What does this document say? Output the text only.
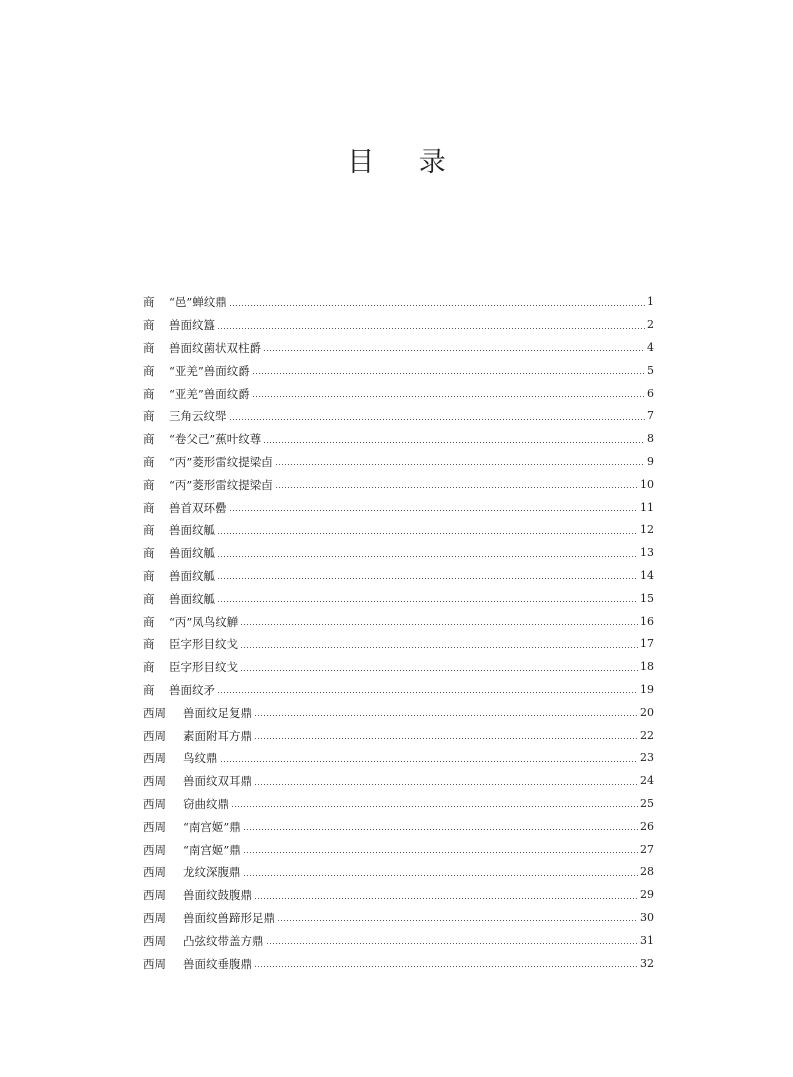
目 录
商	“邑”蝉纹鼎	1
商	兽面纹簋	2
商	兽面纹菌状双柱爵	4
商	“亚羌”兽面纹爵	5
商	“亚羌”兽面纹爵	6
商	三角云纹斝	7
商	“卷父己”蕉叶纹尊	8
商	“丙”菱形雷纹提梁卣	9
商	“丙”菱形雷纹提梁卣	10
商	兽首双环罍	11
商	兽面纹觚	12
商	兽面纹觚	13
商	兽面纹觚	14
商	兽面纹觚	15
商	“丙”凤鸟纹觯	16
商	臣字形目纹戈	17
商	臣字形目纹戈	18
商	兽面纹矛	19
西周	兽面纹足复鼎	20
西周	素面附耳方鼎	22
西周	鸟纹鼎	23
西周	兽面纹双耳鼎	24
西周	窃曲纹鼎	25
西周	“南宫姬”鼎	26
西周	“南宫姬”鼎	27
西周	龙纹深腹鼎	28
西周	兽面纹鼓腹鼎	29
西周	兽面纹兽蹄形足鼎	30
西周	凸弦纹带盖方鼎	31
西周	兽面纹垂腹鼎	32
